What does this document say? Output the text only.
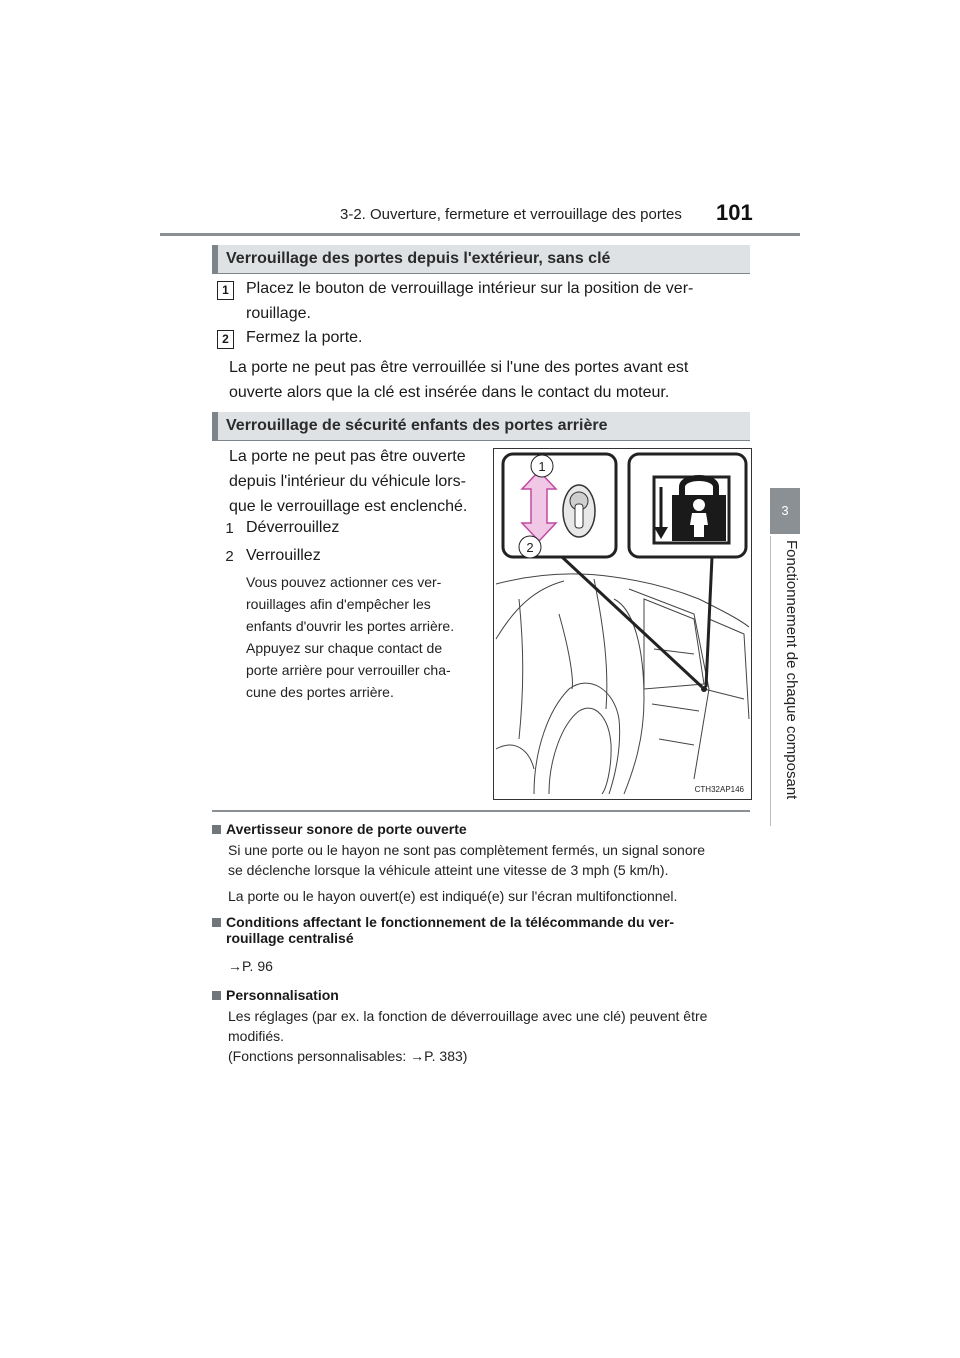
3-2. Ouverture, fermeture et verrouillage des portes 101
3
Fonctionnement de chaque composant
Verrouillage des portes depuis l'extérieur, sans clé
1	Placez le bouton de verrouillage intérieur sur la position de ver-
rouillage.
2	Fermez la porte.
La porte ne peut pas être verrouillée si l'une des portes avant est
ouverte alors que la clé est insérée dans le contact du moteur.
Verrouillage de sécurité enfants des portes arrière
La porte ne peut pas être ouverte
depuis l'intérieur du véhicule lors-
que le verrouillage est enclenché.
1 Déverrouillez
2 Verrouillez
Vous pouvez actionner ces ver-
rouillages afin d'empêcher les
enfants d'ouvrir les portes arrière.
Appuyez sur chaque contact de
porte arrière pour verrouiller cha-
cune des portes arrière.
1
2
CTH32AP146
Avertisseur sonore de porte ouverte
Si une porte ou le hayon ne sont pas complètement fermés, un signal sonore
se déclenche lorsque la véhicule atteint une vitesse de 3 mph (5 km/h).
La porte ou le hayon ouvert(e) est indiqué(e) sur l'écran multifonctionnel.
Conditions affectant le fonctionnement de la télécommande du ver-
rouillage centralisé
→P. 96
Personnalisation
Les réglages (par ex. la fonction de déverrouillage avec une clé) peuvent être
modifiés.
(Fonctions personnalisables: →P. 383)
